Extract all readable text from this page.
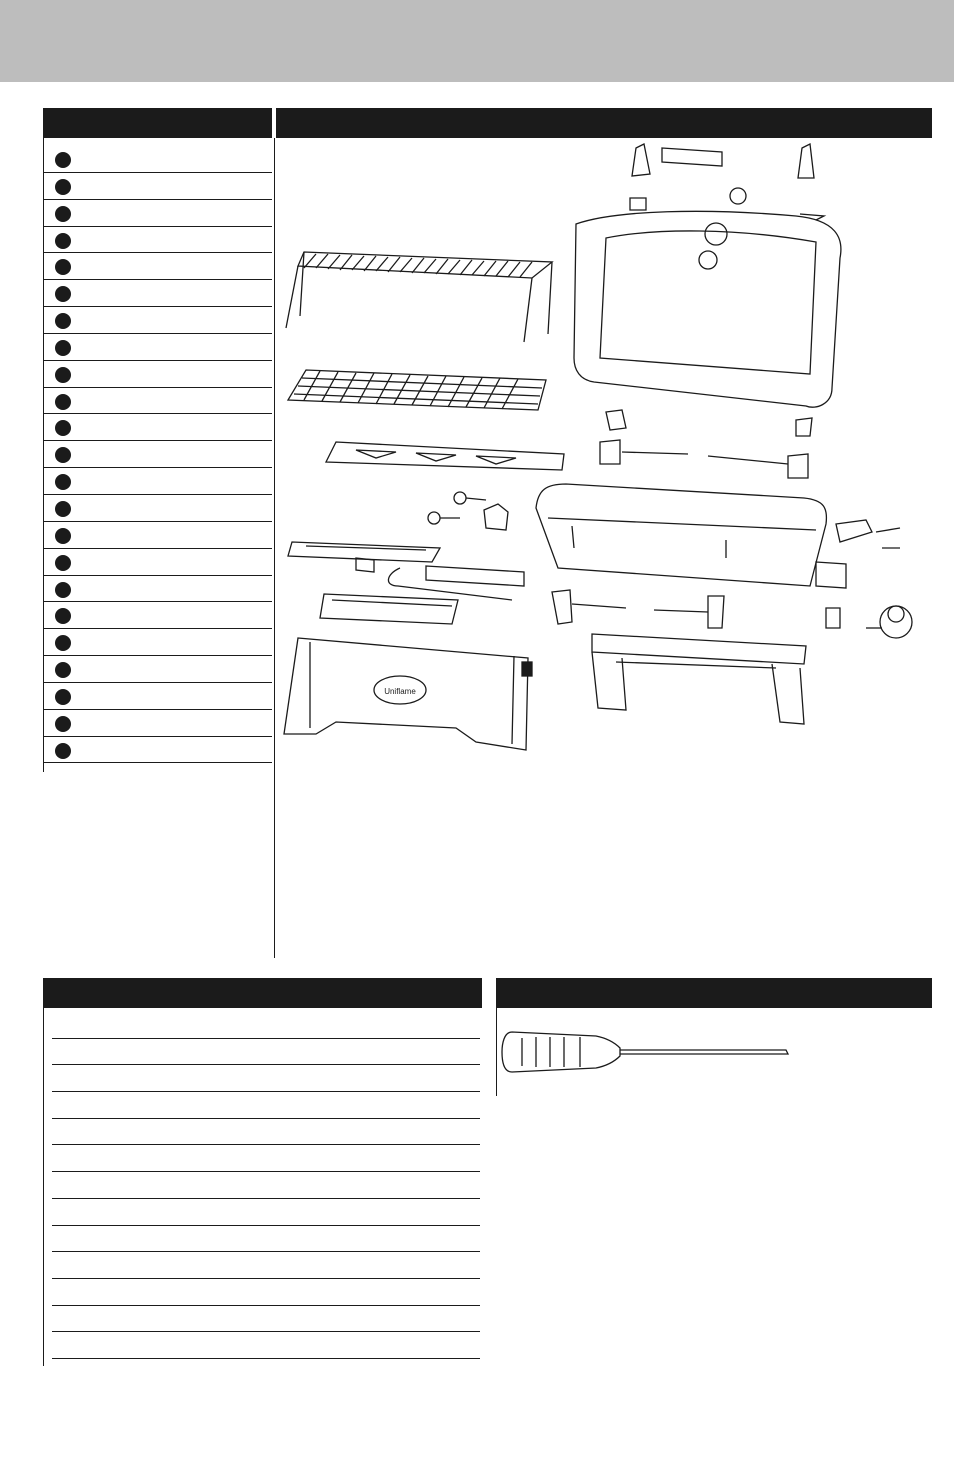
Uniflame
